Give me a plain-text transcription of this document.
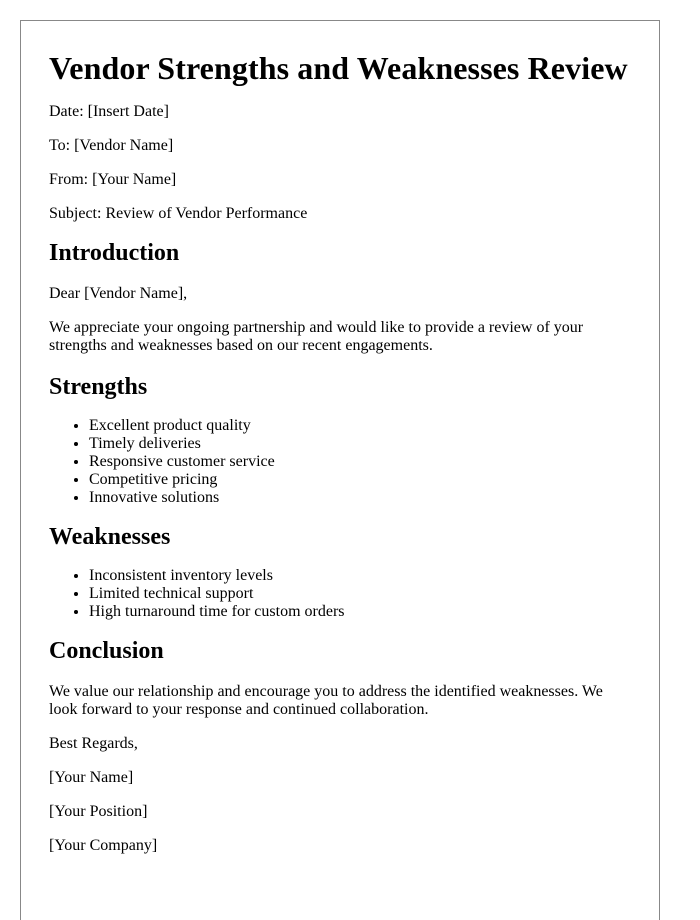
Vendor Strengths and Weaknesses Review

Date: [Insert Date]

To: [Vendor Name]

From: [Your Name]

Subject: Review of Vendor Performance

Introduction

Dear [Vendor Name],

We appreciate your ongoing partnership and would like to provide a review of your strengths and weaknesses based on our recent engagements.

Strengths
• Excellent product quality
• Timely deliveries
• Responsive customer service
• Competitive pricing
• Innovative solutions
Weaknesses
• Inconsistent inventory levels
• Limited technical support
• High turnaround time for custom orders
Conclusion

We value our relationship and encourage you to address the identified weaknesses. We look forward to your response and continued collaboration.

Best Regards,

[Your Name]

[Your Position]

[Your Company]
